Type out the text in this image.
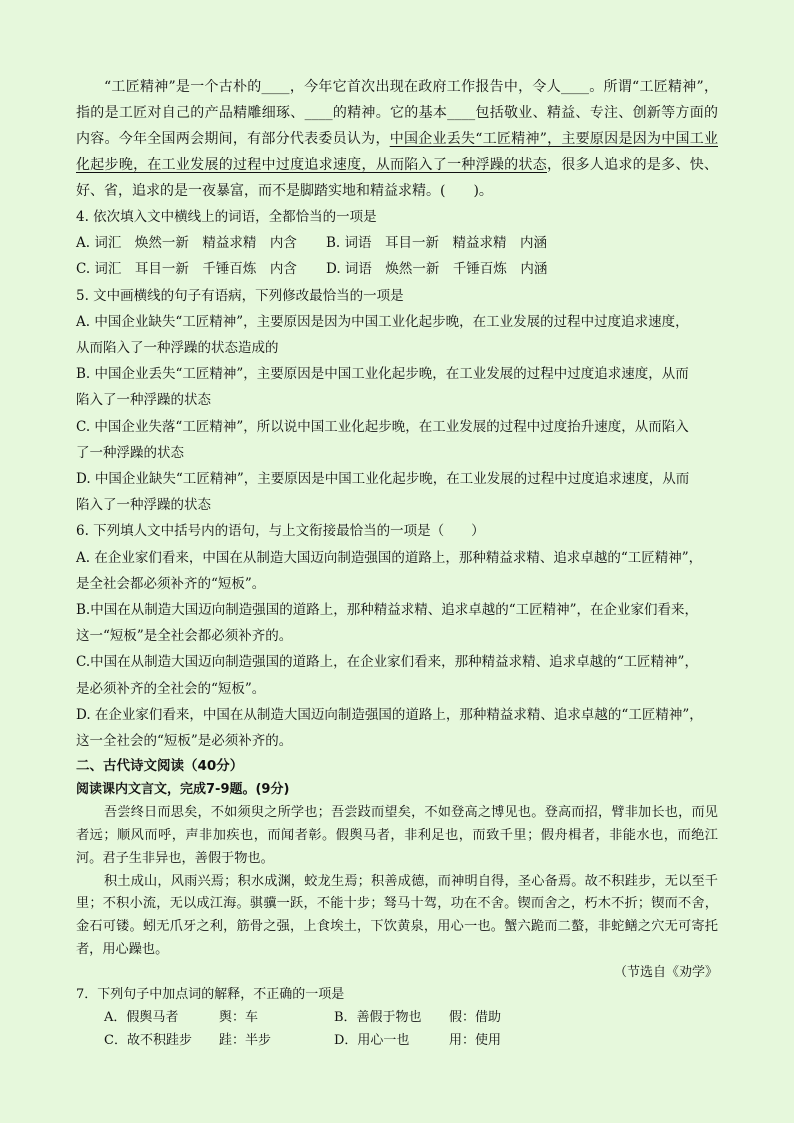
“工匠精神”是一个古朴的____，今年它首次出现在政府工作报告中，令人____。所谓“工匠精神”，指的是工匠对自己的产品精雕细琢、____的精神。它的基本____包括敬业、精益、专注、创新等方面的内容。今年全国两会期间，有部分代表委员认为，中国企业丢失“工匠精神”，主要原因是因为中国工业化起步晚，在工业发展的过程中过度追求速度，从而陷入了一种浮躁的状态，很多人追求的是多、快、好、省，追求的是一夜暴富，而不是脚踏实地和精益求精。(　　)。

4. 依次填入文中横线上的词语，全都恰当的一项是

A. 词汇　焕然一新　精益求精　内含	B. 词语　耳目一新　精益求精　内涵
C. 词汇　耳目一新　千锤百炼　内含	D. 词语　焕然一新　千锤百炼　内涵

5. 文中画横线的句子有语病，下列修改最恰当的一项是

A. 中国企业缺失“工匠精神”，主要原因是因为中国工业化起步晚，在工业发展的过程中过度追求速度，

从而陷入了一种浮躁的状态造成的

B. 中国企业丢失“工匠精神”，主要原因是中国工业化起步晚，在工业发展的过程中过度追求速度，从而

陷入了一种浮躁的状态

C. 中国企业失落“工匠精神”，所以说中国工业化起步晚，在工业发展的过程中过度抬升速度，从而陷入

了一种浮躁的状态

D. 中国企业缺失“工匠精神”，主要原因是中国工业化起步晚，在工业发展的过程中过度追求速度，从而

陷入了一种浮躁的状态

6. 下列填人文中括号内的语句，与上文衔接最恰当的一项是（　　）

A. 在企业家们看来，中国在从制造大国迈向制造强国的道路上，那种精益求精、追求卓越的“工匠精神”，

是全社会都必须补齐的“短板”。

B.中国在从制造大国迈向制造强国的道路上，那种精益求精、追求卓越的“工匠精神”，在企业家们看来，

这一“短板”是全社会都必须补齐的。

C.中国在从制造大国迈向制造强国的道路上，在企业家们看来，那种精益求精、追求卓越的“工匠精神”，

是必须补齐的全社会的“短板”。

D. 在企业家们看来，中国在从制造大国迈向制造强国的道路上，那种精益求精、追求卓越的“工匠精神”，

这一全社会的“短板”是必须补齐的。

二、古代诗文阅读（40分）

阅读课内文言文，完成7-9题。(9分)

吾尝终日而思矣，不如须臾之所学也；吾尝跂而望矣，不如登高之博见也。登高而招，臂非加长也，而见者远；顺风而呼，声非加疾也，而闻者彰。假舆马者，非利足也，而致千里；假舟楫者，非能水也，而绝江河。君子生非异也，善假于物也。

积土成山，风雨兴焉；积水成渊，蛟龙生焉；积善成德，而神明自得，圣心备焉。故不积跬步，无以至千里；不积小流，无以成江海。骐骥一跃，不能十步；驽马十驾，功在不舍。锲而舍之，朽木不折；锲而不舍，金石可镂。蚓无爪牙之利，筋骨之强，上食埃土，下饮黄泉，用心一也。蟹六跪而二螯，非蛇鳝之穴无可寄托者，用心躁也。

（节选自《劝学》

7．下列句子中加点词的解释，不正确的一项是

A．假舆马者	舆：车	B．善假于物也 假：借助
C．故不积跬步 跬：半步	D．用心一也	用：使用
